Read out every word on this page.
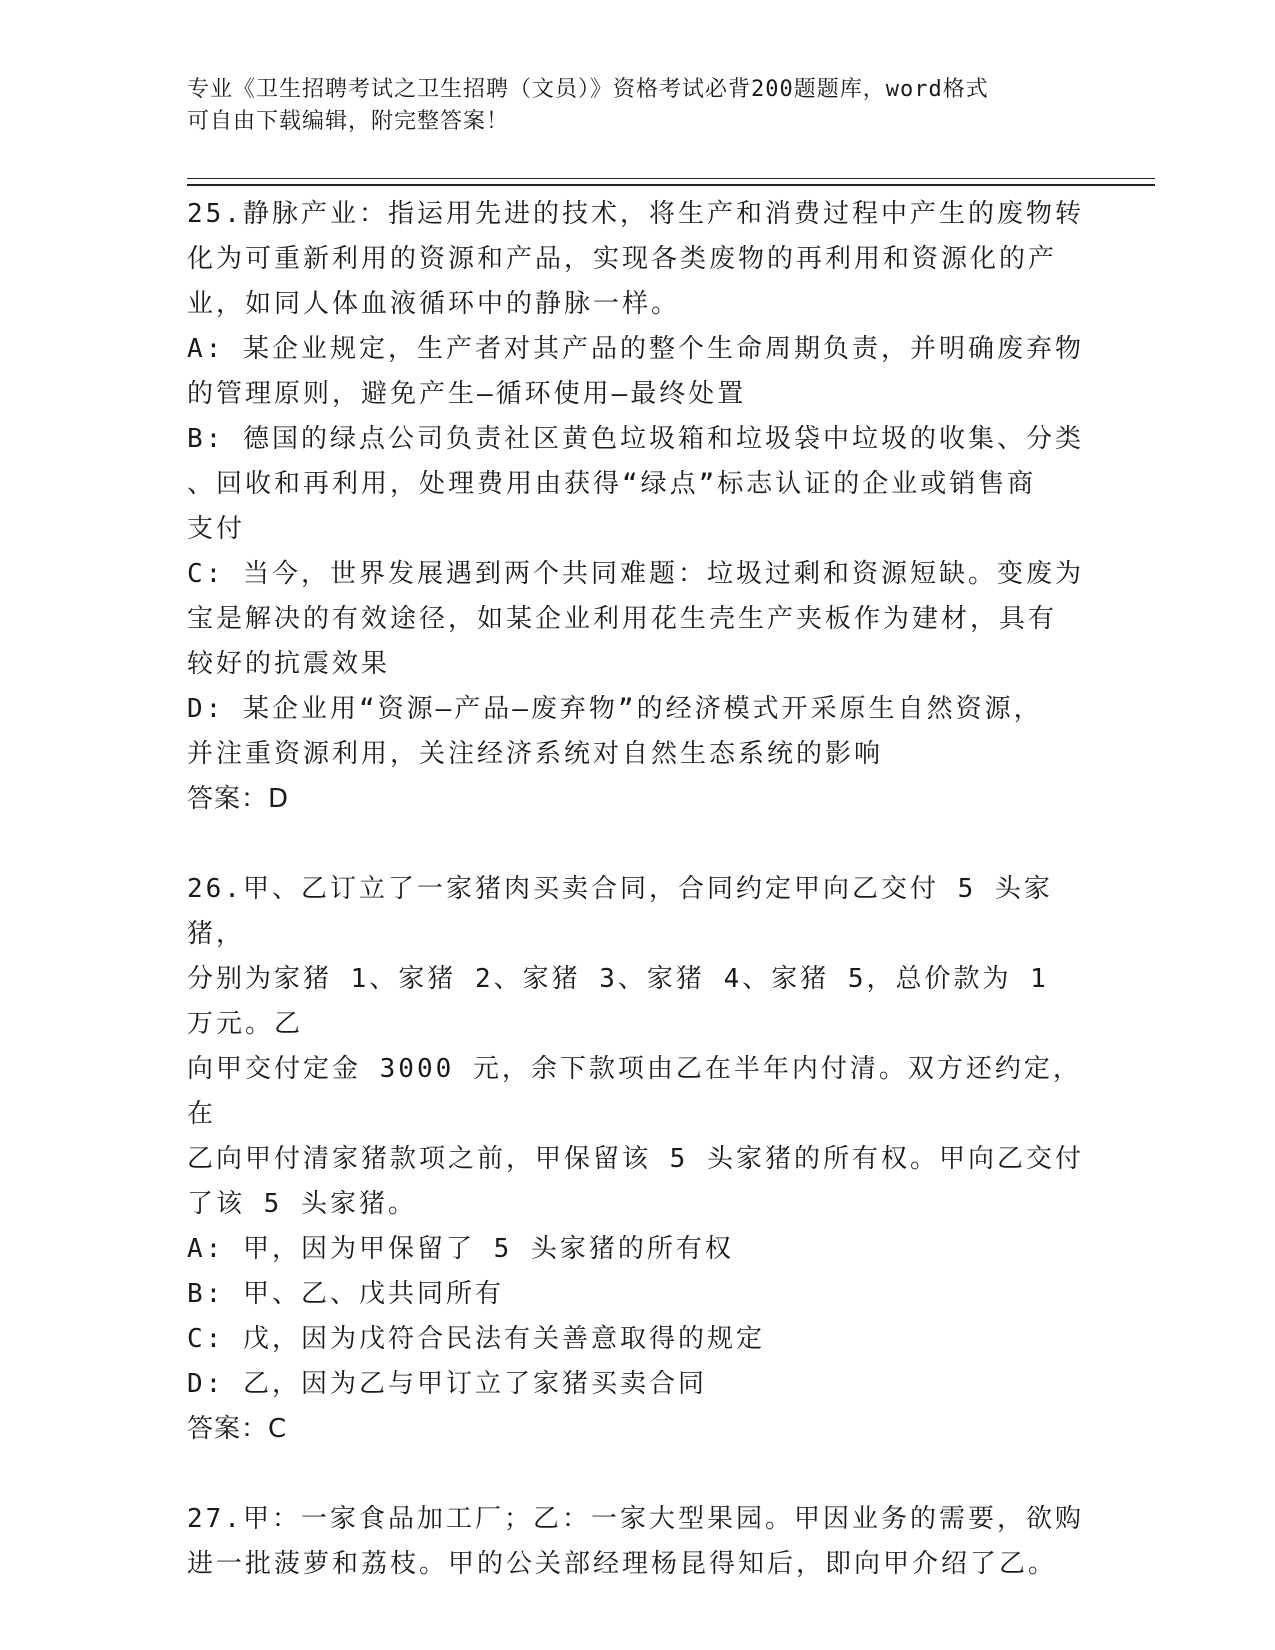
专业《卫生招聘考试之卫生招聘（文员）》资格考试必背200题题库，word格式
可自由下载编辑，附完整答案！

25.静脉产业：指运用先进的技术，将生产和消费过程中产生的废物转

化为可重新利用的资源和产品，实现各类废物的再利用和资源化的产

业，如同人体血液循环中的静脉一样。

A: 某企业规定，生产者对其产品的整个生命周期负责，并明确废弃物

的管理原则，避免产生—循环使用—最终处置

B: 德国的绿点公司负责社区黄色垃圾箱和垃圾袋中垃圾的收集、分类

、回收和再利用，处理费用由获得“绿点”标志认证的企业或销售商

支付

C: 当今，世界发展遇到两个共同难题：垃圾过剩和资源短缺。变废为

宝是解决的有效途径，如某企业利用花生壳生产夹板作为建材，具有

较好的抗震效果

D: 某企业用“资源—产品—废弃物”的经济模式开采原生自然资源，

并注重资源利用，关注经济系统对自然生态系统的影响

答案：D

26.甲、乙订立了一家猪肉买卖合同，合同约定甲向乙交付 5 头家猪，

分别为家猪 1、家猪 2、家猪 3、家猪 4、家猪 5，总价款为 1 万元。乙

向甲交付定金 3000 元，余下款项由乙在半年内付清。双方还约定，在

乙向甲付清家猪款项之前，甲保留该 5 头家猪的所有权。甲向乙交付

了该 5 头家猪。

A: 甲，因为甲保留了 5 头家猪的所有权

B: 甲、乙、戊共同所有

C: 戊，因为戊符合民法有关善意取得的规定

D: 乙，因为乙与甲订立了家猪买卖合同

答案：C

27.甲：一家食品加工厂；乙：一家大型果园。甲因业务的需要，欲购

进一批菠萝和荔枝。甲的公关部经理杨昆得知后，即向甲介绍了乙。
